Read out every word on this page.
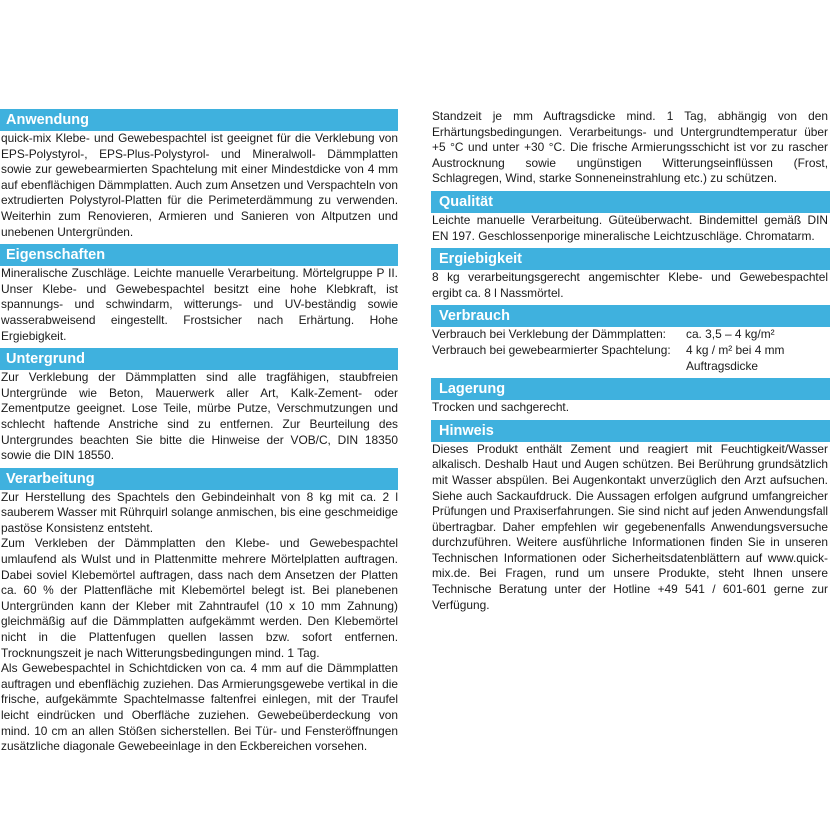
Anwendung

quick-mix Klebe- und Gewebespachtel ist geeignet für die Verklebung von EPS-Polystyrol-, EPS-Plus-Polystyrol- und Mineralwoll- Dämmplatten sowie zur gewebearmierten Spachtelung mit einer Mindestdicke von 4 mm auf ebenflächigen Dämmplatten. Auch zum Ansetzen und Verspachteln von extrudierten Polystyrol-Platten für die Perimeterdämmung zu verwenden. Weiterhin zum Renovieren, Armieren und Sanieren von Altputzen und unebenen Untergründen.

Eigenschaften

Mineralische Zuschläge. Leichte manuelle Verarbeitung. Mörtelgruppe P II. Unser Klebe- und Gewebespachtel besitzt eine hohe Klebkraft, ist spannungs- und schwindarm, witterungs- und UV-beständig sowie wasserabweisend eingestellt. Frostsicher nach Erhärtung. Hohe Ergiebigkeit.

Untergrund

Zur Verklebung der Dämmplatten sind alle tragfähigen, staubfreien Untergründe wie Beton, Mauerwerk aller Art, Kalk-Zement- oder Zementputze geeignet. Lose Teile, mürbe Putze, Verschmutzungen und schlecht haftende Anstriche sind zu entfernen. Zur Beurteilung des Untergrundes beachten Sie bitte die Hinweise der VOB/C, DIN 18350 sowie die DIN 18550.

Verarbeitung

Zur Herstellung des Spachtels den Gebindeinhalt von 8 kg mit ca. 2 l sauberem Wasser mit Rührquirl solange anmischen, bis eine geschmeidige pastöse Konsistenz entsteht.

Zum Verkleben der Dämmplatten den Klebe- und Gewebespachtel umlaufend als Wulst und in Plattenmitte mehrere Mörtelplatten auftragen. Dabei soviel Klebemörtel auftragen, dass nach dem Ansetzen der Platten ca. 60 % der Plattenfläche mit Klebemörtel belegt ist. Bei planebenen Untergründen kann der Kleber mit Zahntraufel (10 x 10 mm Zahnung) gleichmäßig auf die Dämmplatten aufgekämmt werden. Den Klebemörtel nicht in die Plattenfugen quellen lassen bzw. sofort entfernen. Trocknungszeit je nach Witterungsbedingungen mind. 1 Tag.

Als Gewebespachtel in Schichtdicken von ca. 4 mm auf die Dämmplatten auftragen und ebenflächig zuziehen. Das Armierungsgewebe vertikal in die frische, aufgekämmte Spachtelmasse faltenfrei einlegen, mit der Traufel leicht eindrücken und Oberfläche zuziehen. Gewebeüberdeckung von mind. 10 cm an allen Stößen sicherstellen. Bei Tür- und Fensteröffnungen zusätzliche diagonale Gewebeeinlage in den Eckbereichen vorsehen.

Standzeit je mm Auftragsdicke mind. 1 Tag, abhängig von den Erhärtungsbedingungen. Verarbeitungs- und Untergrundtemperatur über +5 °C und unter +30 °C. Die frische Armierungsschicht ist vor zu rascher Austrocknung sowie ungünstigen Witterungseinflüssen (Frost, Schlagregen, Wind, starke Sonneneinstrahlung etc.) zu schützen.

Qualität

Leichte manuelle Verarbeitung. Güteüberwacht. Bindemittel gemäß DIN EN 197. Geschlossenporige mineralische Leichtzuschläge. Chromatarm.

Ergiebigkeit

8 kg verarbeitungsgerecht angemischter Klebe- und Gewebespachtel ergibt ca. 8 l Nassmörtel.

Verbrauch
Verbrauch bei Verklebung der Dämmplatten:	ca. 3,5 – 4 kg/m²
Verbrauch bei gewebearmierter Spachtelung:	4 kg / m² bei 4 mm Auftragsdicke
Lagerung

Trocken und sachgerecht.

Hinweis

Dieses Produkt enthält Zement und reagiert mit Feuchtigkeit/Wasser alkalisch. Deshalb Haut und Augen schützen. Bei Berührung grundsätzlich mit Wasser abspülen. Bei Augenkontakt unverzüglich den Arzt aufsuchen. Siehe auch Sackaufdruck. Die Aussagen erfolgen aufgrund umfangreicher Prüfungen und Praxiserfahrungen. Sie sind nicht auf jeden Anwendungsfall übertragbar. Daher empfehlen wir gegebenenfalls Anwendungsversuche durchzuführen. Weitere ausführliche Informationen finden Sie in unseren Technischen Informationen oder Sicherheitsdatenblättern auf www.quick-mix.de. Bei Fragen, rund um unsere Produkte, steht Ihnen unsere Technische Beratung unter der Hotline +49 541 / 601-601 gerne zur Verfügung.
